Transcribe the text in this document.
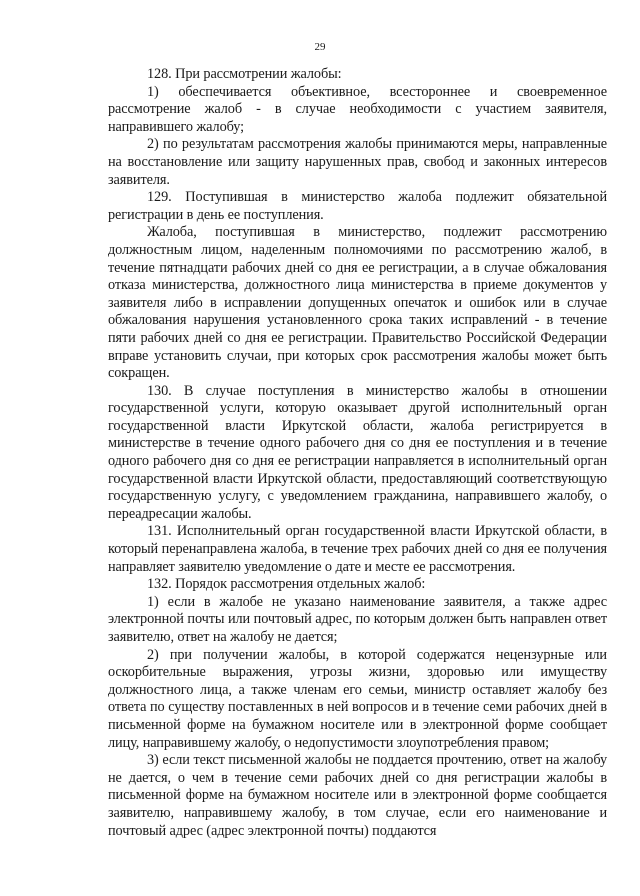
29

128. При рассмотрении жалобы:

1) обеспечивается объективное, всестороннее и своевременное рассмотрение жалоб - в случае необходимости с участием заявителя, направившего жалобу;

2) по результатам рассмотрения жалобы принимаются меры, направленные на восстановление или защиту нарушенных прав, свобод и законных интересов заявителя.

129. Поступившая в министерство жалоба подлежит обязательной регистрации в день ее поступления.

Жалоба, поступившая в министерство, подлежит рассмотрению должностным лицом, наделенным полномочиями по рассмотрению жалоб, в течение пятнадцати рабочих дней со дня ее регистрации, а в случае обжалования отказа министерства, должностного лица министерства в приеме документов у заявителя либо в исправлении допущенных опечаток и ошибок или в случае обжалования нарушения установленного срока таких исправлений - в течение пяти рабочих дней со дня ее регистрации. Правительство Российской Федерации вправе установить случаи, при которых срок рассмотрения жалобы может быть сокращен.

130. В случае поступления в министерство жалобы в отношении государственной услуги, которую оказывает другой исполнительный орган государственной власти Иркутской области, жалоба регистрируется в министерстве в течение одного рабочего дня со дня ее поступления и в течение одного рабочего дня со дня ее регистрации направляется в исполнительный орган государственной власти Иркутской области, предоставляющий соответствующую государственную услугу, с уведомлением гражданина, направившего жалобу, о переадресации жалобы.

131. Исполнительный орган государственной власти Иркутской области, в который перенаправлена жалоба, в течение трех рабочих дней со дня ее получения направляет заявителю уведомление о дате и месте ее рассмотрения.

132. Порядок рассмотрения отдельных жалоб:

1) если в жалобе не указано наименование заявителя, а также адрес электронной почты или почтовый адрес, по которым должен быть направлен ответ заявителю, ответ на жалобу не дается;

2) при получении жалобы, в которой содержатся нецензурные или оскорбительные выражения, угрозы жизни, здоровью или имуществу должностного лица, а также членам его семьи, министр оставляет жалобу без ответа по существу поставленных в ней вопросов и в течение семи рабочих дней в письменной форме на бумажном носителе или в электронной форме сообщает лицу, направившему жалобу, о недопустимости злоупотребления правом;

3) если текст письменной жалобы не поддается прочтению, ответ на жалобу не дается, о чем в течение семи рабочих дней со дня регистрации жалобы в письменной форме на бумажном носителе или в электронной форме сообщается заявителю, направившему жалобу, в том случае, если его наименование и почтовый адрес (адрес электронной почты) поддаются
